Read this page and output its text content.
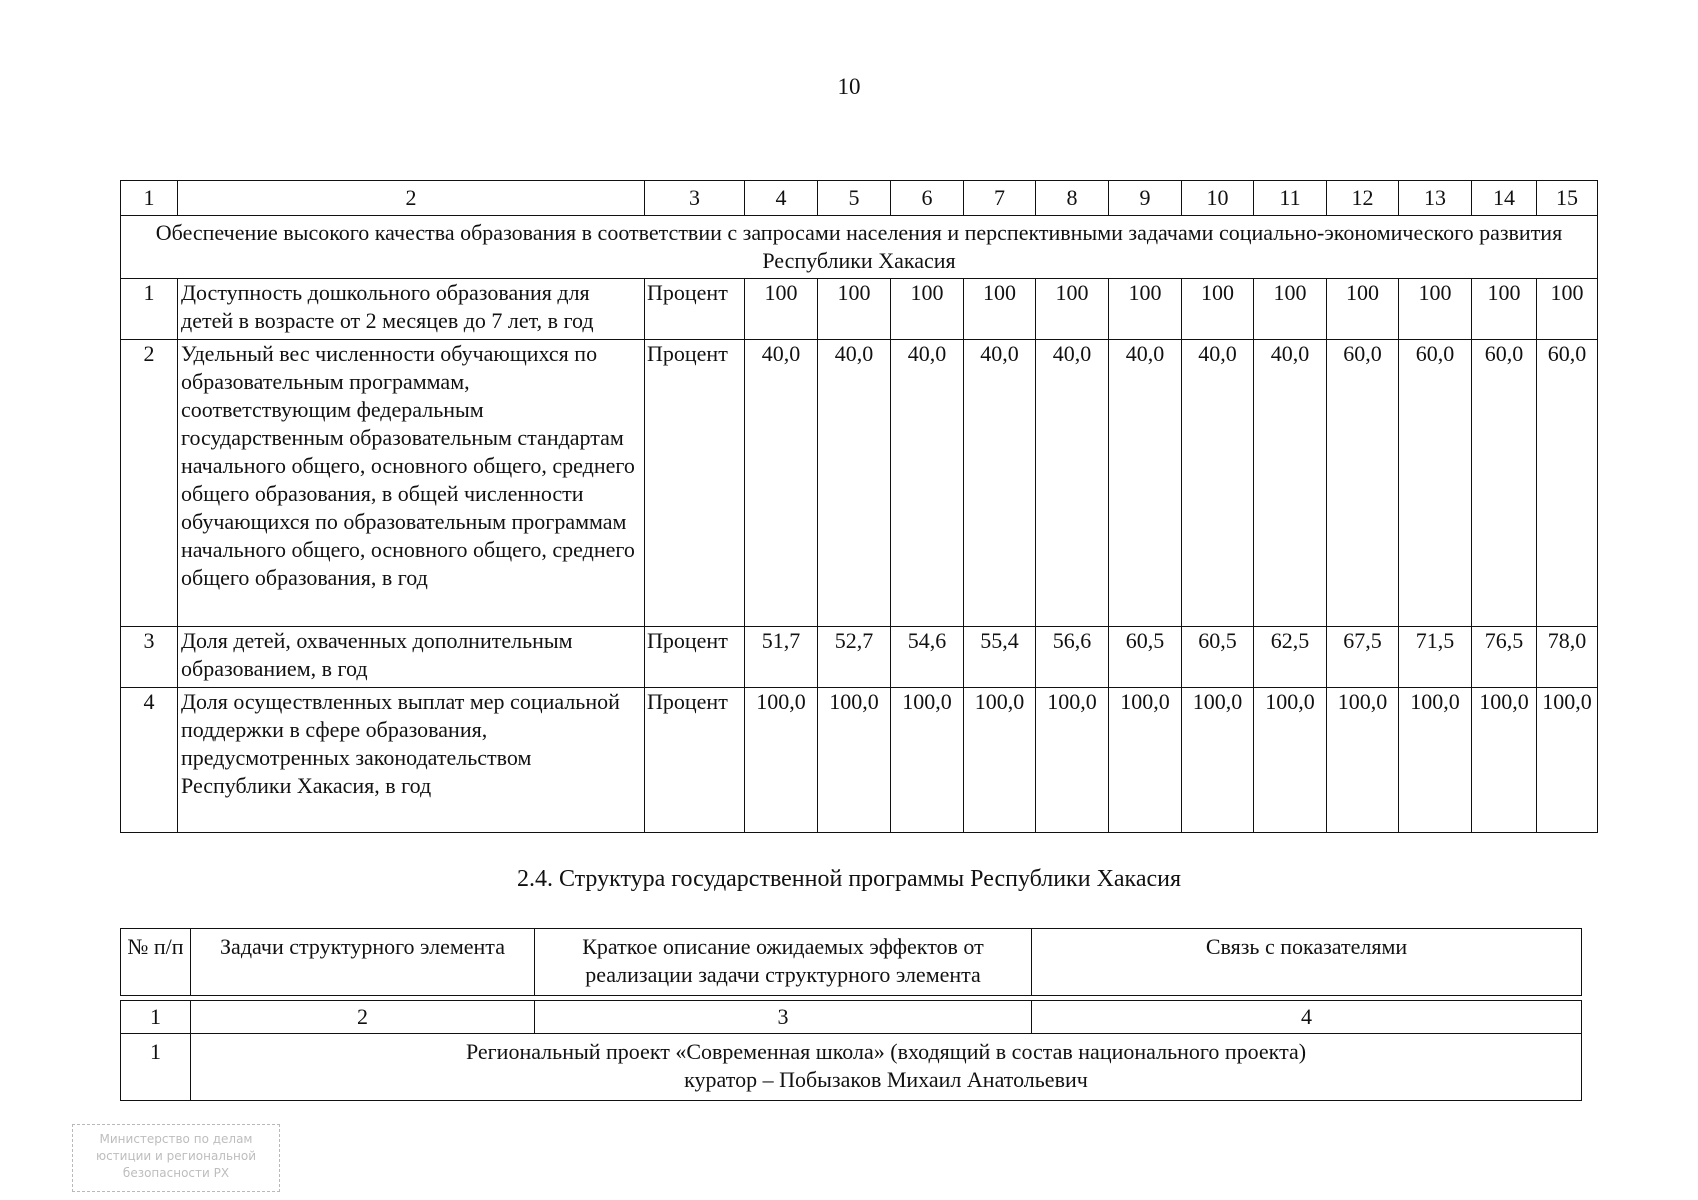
10
1	2	3	4	5	6	7	8	9	10	11	12	13	14	15
Обеспечение высокого качества образования в соответствии с запросами населения и перспективными задачами социально-экономического развития Республики Хакасия														
1	Доступность дошкольного образования для детей в возрасте от 2 месяцев до 7 лет, в год	Процент	100	100	100	100	100	100	100	100	100	100	100	100
2	Удельный вес численности обучающихся по образовательным программам, соответствующим федеральным государственным образовательным стандартам начального общего, основного общего, среднего общего образования, в общей численности обучающихся по образовательным программам начального общего, основного общего, среднего общего образования, в год	Процент	40,0	40,0	40,0	40,0	40,0	40,0	40,0	40,0	60,0	60,0	60,0	60,0
3	Доля детей, охваченных дополнительным образованием, в год	Процент	51,7	52,7	54,6	55,4	56,6	60,5	60,5	62,5	67,5	71,5	76,5	78,0
4	Доля осуществленных выплат мер социальной поддержки в сфере образования, предусмотренных законодательством Республики Хакасия, в год	Процент	100,0	100,0	100,0	100,0	100,0	100,0	100,0	100,0	100,0	100,0	100,0	100,0
2.4. Структура государственной программы Республики Хакасия
№ п/п	Задачи структурного элемента	Краткое описание ожидаемых эффектов от реализации задачи структурного элемента	Связь с показателями

1	2	3	4
1	Региональный проект «Современная школа» (входящий в состав национального проекта)
куратор – Побызаков Михаил Анатольевич		
Министерство по делам
юстиции и региональной
безопасности РХ
